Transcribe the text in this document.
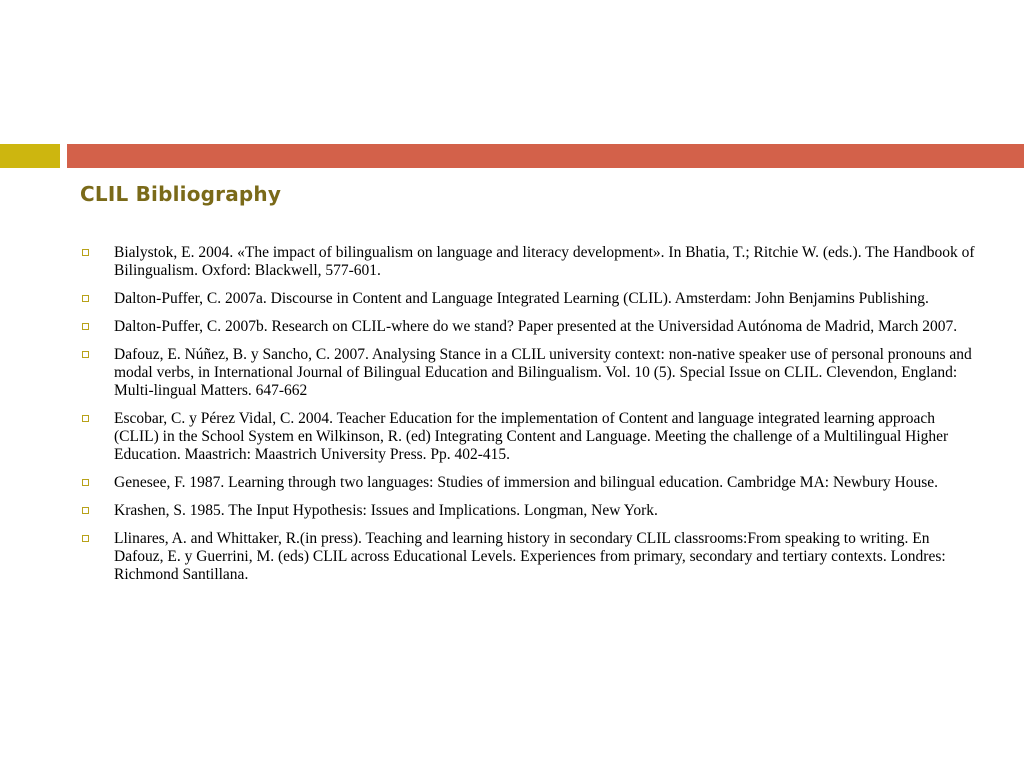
CLIL Bibliography
Bialystok, E. 2004. «The impact of bilingualism on language and literacy development». In Bhatia, T.; Ritchie W. (eds.). The Handbook of Bilingualism. Oxford: Blackwell, 577-601.
Dalton-Puffer, C. 2007a. Discourse in Content and Language Integrated Learning (CLIL). Amsterdam: John Benjamins Publishing.
Dalton-Puffer, C. 2007b. Research on CLIL-where do we stand? Paper presented at the Universidad Autónoma de Madrid, March 2007.
Dafouz, E. Núñez, B. y Sancho, C. 2007. Analysing Stance in a CLIL university context: non-native speaker use of personal pronouns and modal verbs, in International Journal of Bilingual Education and Bilingualism. Vol. 10 (5). Special Issue on CLIL. Clevendon, England: Multi-lingual Matters. 647-662
Escobar, C. y Pérez Vidal, C. 2004. Teacher Education for the implementation of Content and language integrated learning approach (CLIL) in the School System en Wilkinson, R. (ed) Integrating Content and Language. Meeting the challenge of a Multilingual Higher Education. Maastrich: Maastrich University Press. Pp. 402-415.
Genesee, F. 1987. Learning through two languages: Studies of immersion and bilingual education. Cambridge MA: Newbury House.
Krashen, S. 1985. The Input Hypothesis: Issues and Implications. Longman, New York.
Llinares, A. and Whittaker, R.(in press). Teaching and learning history in secondary CLIL classrooms:From speaking to writing. En Dafouz, E. y Guerrini, M. (eds) CLIL across Educational Levels. Experiences from primary, secondary and tertiary contexts. Londres: Richmond Santillana.
